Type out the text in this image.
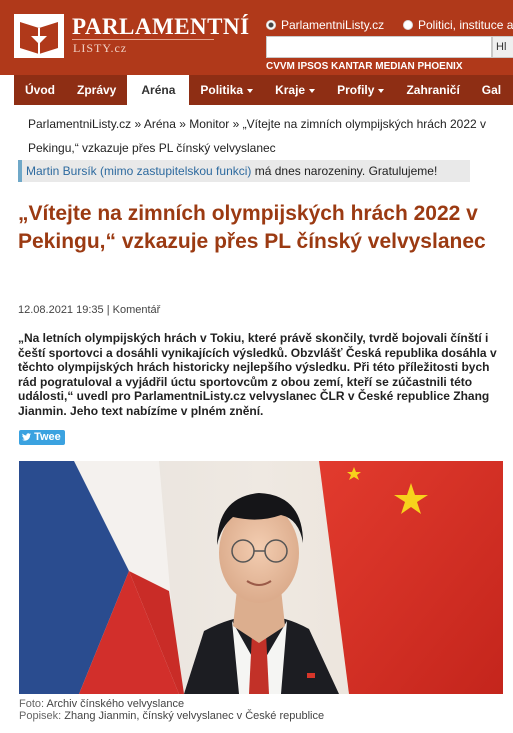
PARLAMENTNÍ
LISTY.cz
ParlamentniListy.cz	Politici, instituce a
Hl
CVVM IPSOS KANTAR MEDIAN PHOENIX
Úvod	Zprávy	Aréna	Politika	Kraje	Profily	Zahraničí	Gal
ParlamentniListy.cz » Aréna » Monitor » „Vítejte na zimních olympijských hrách 2022 v Pekingu,“ vzkazuje přes PL čínský velvyslanec
Martin Bursík (mimo zastupitelskou funkci) má dnes narozeniny. Gratulujeme!
„Vítejte na zimních olympijských hrách 2022 v Pekingu,“ vzkazuje přes PL čínský velvyslanec
12.08.2021 19:35 | Komentář

„Na letních olympijských hrách v Tokiu, které právě skončily, tvrdě bojovali čínští i čeští sportovci a dosáhli vynikajících výsledků. Obzvlášť Česká republika dosáhla v těchto olympijských hrách historicky nejlepšího výsledku. Při této příležitosti bych rád pogratuloval a vyjádřil úctu sportovcům z obou zemí, kteří se zúčastnili této události,“ uvedl pro ParlamentniListy.cz velvyslanec ČLR v České republice Zhang Jianmin. Jeho text nabízíme v plném znění.

Twee
Foto: Archiv čínského velvyslance
Popisek: Zhang Jianmin, čínský velvyslanec v České republice
